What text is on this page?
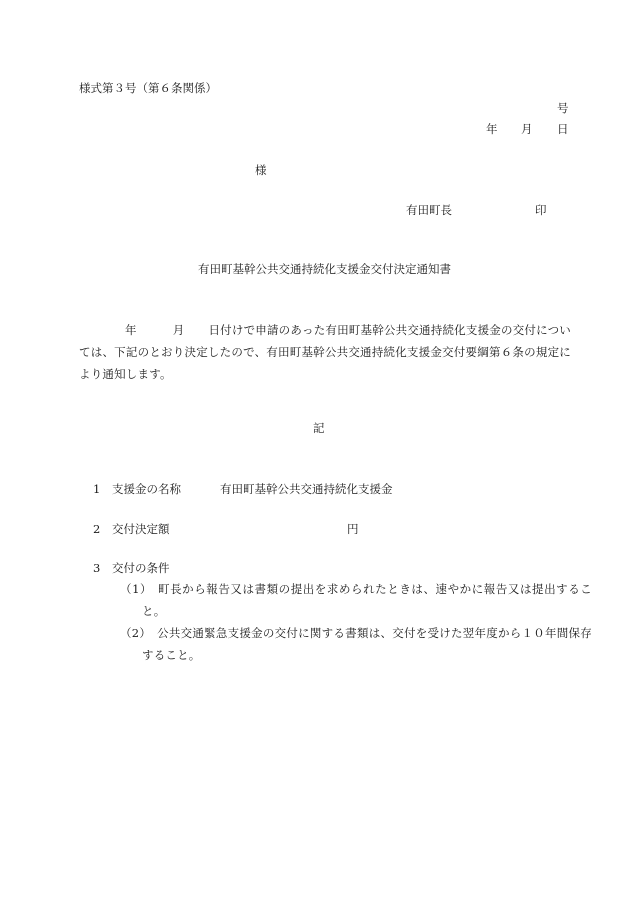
様式第３号（第６条関係）
号
年 月 日
様
有田町長	印
有田町基幹公共交通持続化支援金交付決定通知書
年	月 日付けで申請のあった有田町基幹公共交通持続化支援金の交付については、下記のとおり決定したので、有田町基幹公共交通持続化支援金交付要綱第６条の規定により通知します。
記
1 支援金の名称	有田町基幹公共交通持続化支援金
2 交付決定額	円
3 交付の条件
（1） 町長から報告又は書類の提出を求められたときは、速やかに報告又は提出すること。
（2） 公共交通緊急支援金の交付に関する書類は、交付を受けた翌年度から１０年間保存すること。
